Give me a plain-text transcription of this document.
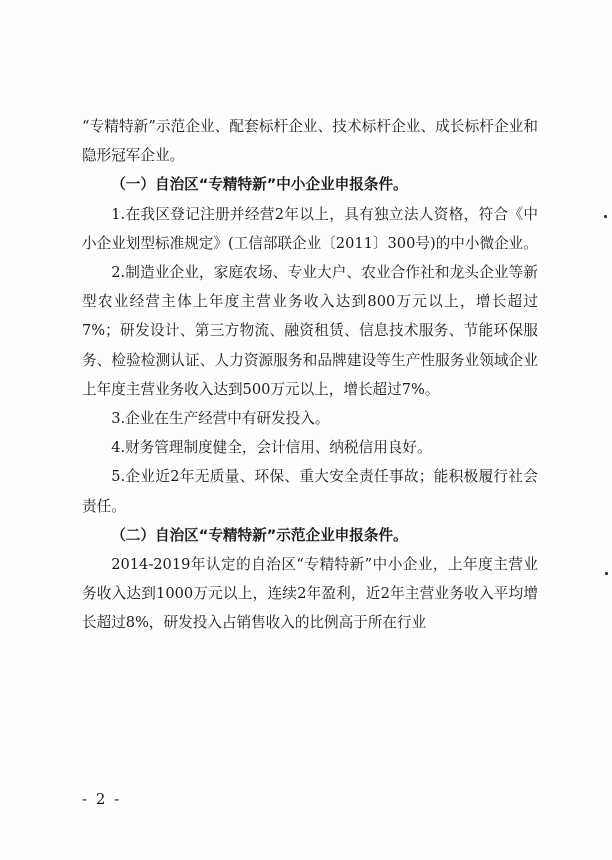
“专精特新”示范企业、配套标杆企业、技术标杆企业、成长标杆企业和隐形冠军企业。

（一）自治区“专精特新”中小企业申报条件。

1.在我区登记注册并经营2年以上，具有独立法人资格，符合《中小企业划型标准规定》(工信部联企业〔2011〕300号)的中小微企业。

2.制造业企业，家庭农场、专业大户、农业合作社和龙头企业等新型农业经营主体上年度主营业务收入达到800万元以上，增长超过7%；研发设计、第三方物流、融资租赁、信息技术服务、节能环保服务、检验检测认证、人力资源服务和品牌建设等生产性服务业领域企业上年度主营业务收入达到500万元以上，增长超过7%。

3.企业在生产经营中有研发投入。

4.财务管理制度健全，会计信用、纳税信用良好。

5.企业近2年无质量、环保、重大安全责任事故；能积极履行社会责任。

（二）自治区“专精特新”示范企业申报条件。

2014-2019年认定的自治区“专精特新”中小企业，上年度主营业务收入达到1000万元以上，连续2年盈利，近2年主营业务收入平均增长超过8%，研发投入占销售收入的比例高于所在行业

- 2 -
